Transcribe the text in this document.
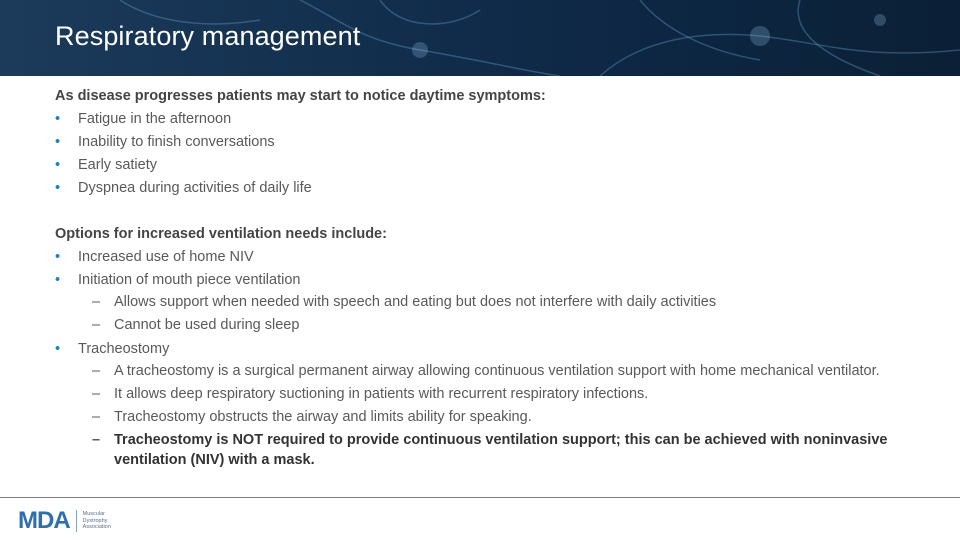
Respiratory management

As disease progresses patients may start to notice daytime symptoms:

• Fatigue in the afternoon
• Inability to finish conversations
• Early satiety
• Dyspnea during activities of daily life

Options for increased ventilation needs include:

• Increased use of home NIV
• Initiation of mouth piece ventilation
– Allows support when needed with speech and eating but does not interfere with daily activities
– Cannot be used during sleep
• Tracheostomy
– A tracheostomy is a surgical permanent airway allowing continuous ventilation support with home mechanical ventilator.
– It allows deep respiratory suctioning in patients with recurrent respiratory infections.
– Tracheostomy obstructs the airway and limits ability for speaking.
– Tracheostomy is NOT required to provide continuous ventilation support; this can be achieved with noninvasive ventilation (NIV) with a mask.
MDA Muscular
Dystrophy
Association
